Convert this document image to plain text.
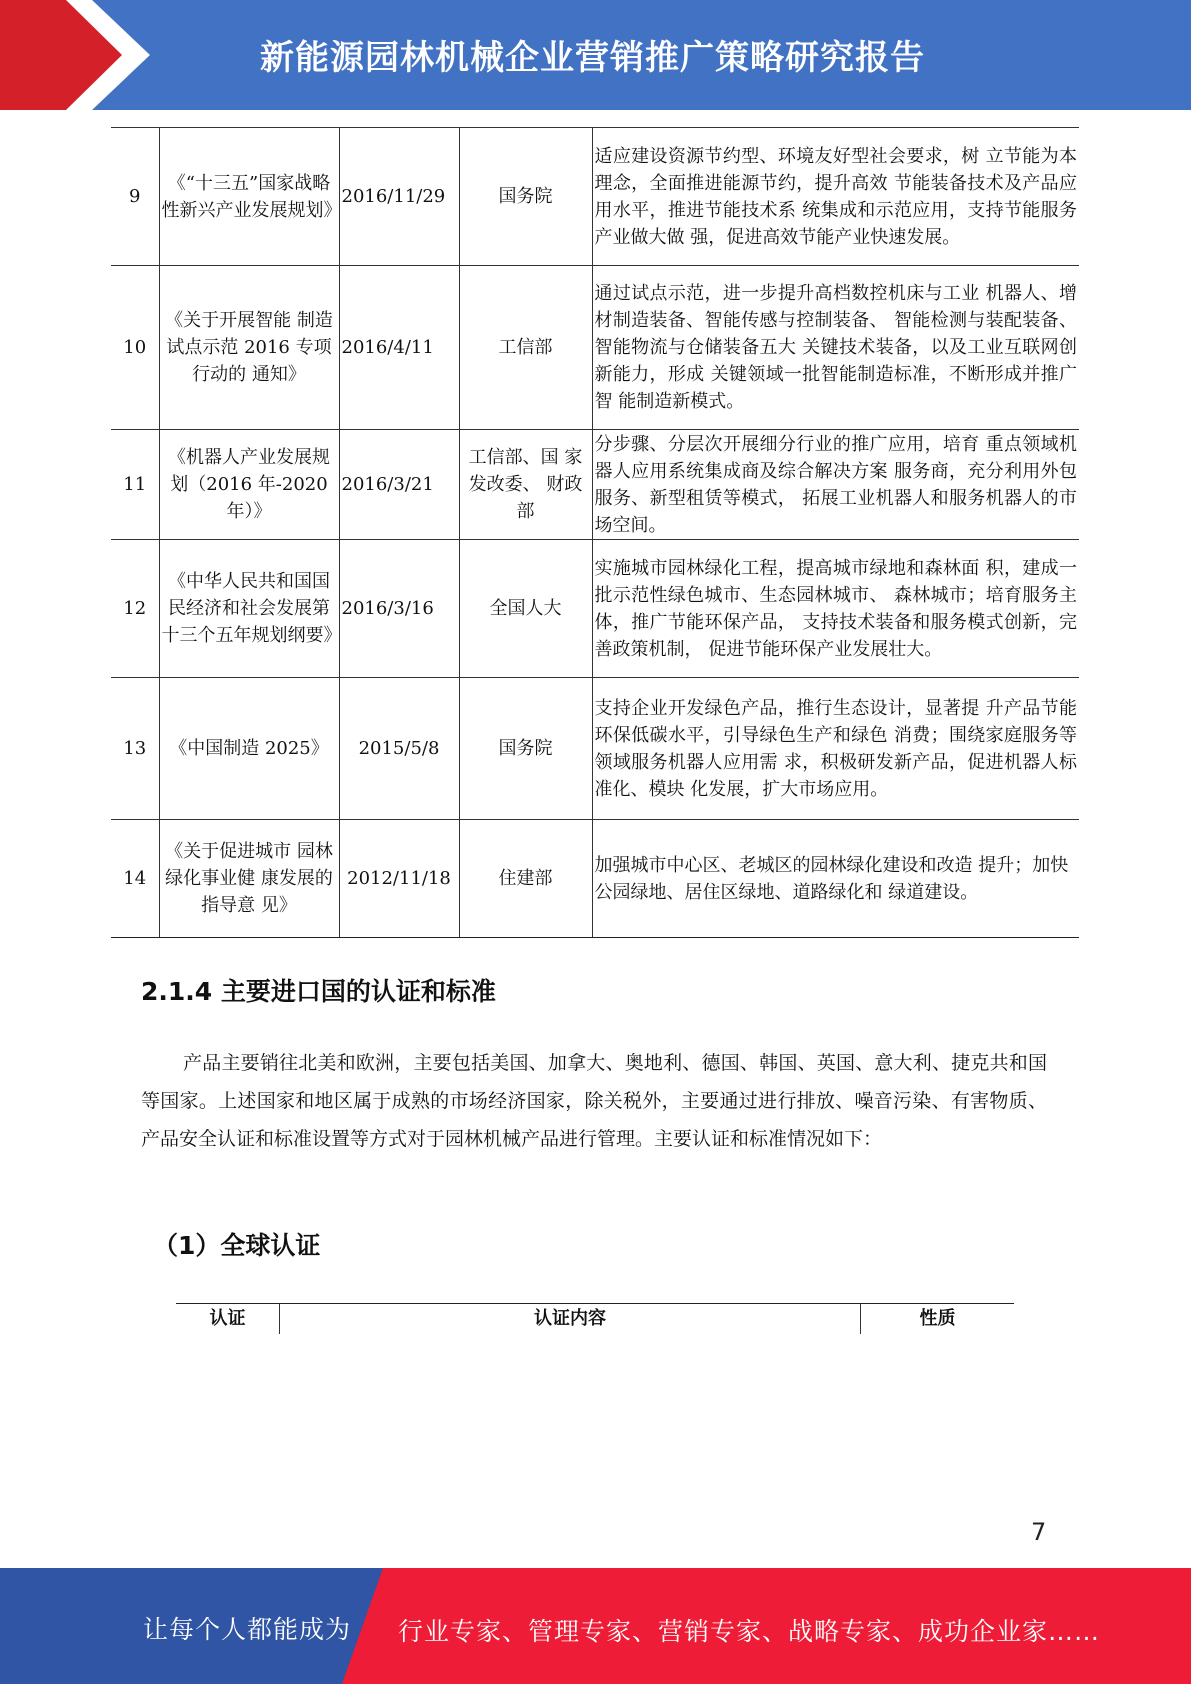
新能源园林机械企业营销推广策略研究报告
9	《“十三五”国家战略性新兴产业发展规划》	2016/11/29	国务院	适应建设资源节约型、环境友好型社会要求，树 立节能为本理念，全面推进能源节约，提升高效 节能装备技术及产品应用水平，推进节能技术系 统集成和示范应用，支持节能服务产业做大做 强，促进高效节能产业快速发展。
10	《关于开展智能 制造试点示范 2016 专项行动的 通知》	2016/4/11	工信部	通过试点示范，进一步提升高档数控机床与工业 机器人、增材制造装备、智能传感与控制装备、 智能检测与装配装备、智能物流与仓储装备五大 关键技术装备，以及工业互联网创新能力，形成 关键领域一批智能制造标准，不断形成并推广智 能制造新模式。
11	《机器人产业发展规划（2016 年-2020 年）》	2016/3/21	工信部、国 家发改委、 财政部	分步骤、分层次开展细分行业的推广应用，培育 重点领域机器人应用系统集成商及综合解决方案 服务商，充分利用外包服务、新型租赁等模式， 拓展工业机器人和服务机器人的市场空间。
12	《中华人民共和国国民经济和社会发展第十三个五年规划纲要》	2016/3/16	全国人大	实施城市园林绿化工程，提高城市绿地和森林面 积，建成一批示范性绿色城市、生态园林城市、 森林城市；培育服务主体，推广节能环保产品， 支持技术装备和服务模式创新，完善政策机制， 促进节能环保产业发展壮大。
13	《中国制造 2025》	2015/5/8	国务院	支持企业开发绿色产品，推行生态设计，显著提 升产品节能环保低碳水平，引导绿色生产和绿色 消费；围绕家庭服务等领域服务机器人应用需 求，积极研发新产品，促进机器人标准化、模块 化发展，扩大市场应用。
14	《关于促进城市 园林绿化事业健 康发展的指导意 见》	2012/11/18	住建部	加强城市中心区、老城区的园林绿化建设和改造 提升；加快公园绿地、居住区绿地、道路绿化和 绿道建设。
2.1.4 主要进口国的认证和标准
产品主要销往北美和欧洲，主要包括美国、加拿大、奥地利、德国、韩国、英国、意大利、捷克共和国等国家。上述国家和地区属于成熟的市场经济国家，除关税外，主要通过进行排放、噪音污染、有害物质、产品安全认证和标准设置等方式对于园林机械产品进行管理。主要认证和标准情况如下：
（1）全球认证
认证	认证内容	性质
7
让每个人都能成为 行业专家、管理专家、营销专家、战略专家、成功企业家……
